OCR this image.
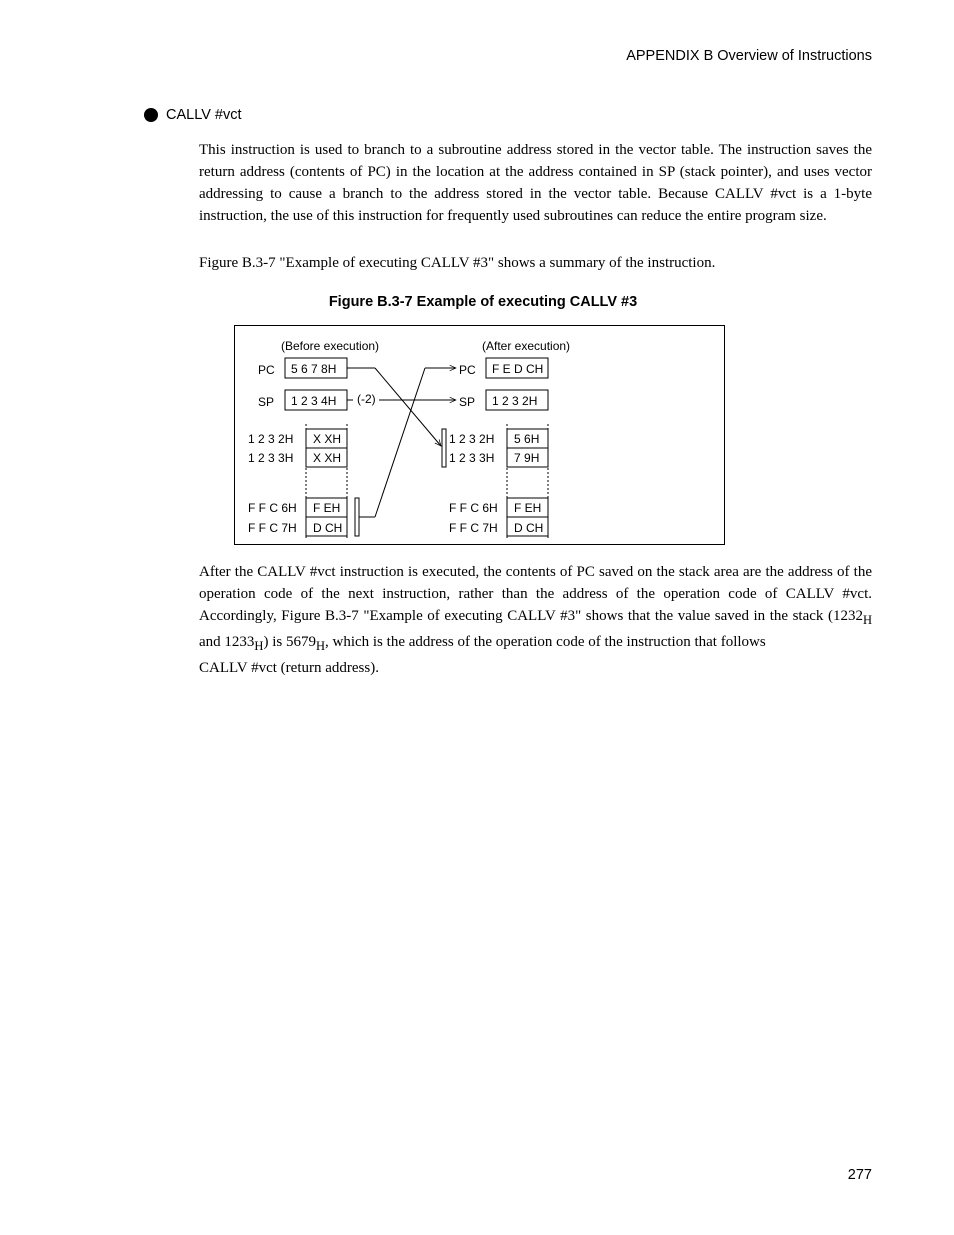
APPENDIX B Overview of Instructions
CALLV #vct

This instruction is used to branch to a subroutine address stored in the vector table. The instruction saves the return address (contents of PC) in the location at the address contained in SP (stack pointer), and uses vector addressing to cause a branch to the address stored in the vector table. Because CALLV #vct is a 1-byte instruction, the use of this instruction for frequently used subroutines can reduce the entire program size.

Figure B.3-7 "Example of executing CALLV #3" shows a summary of the instruction.

Figure B.3-7 Example of executing CALLV #3
(Before execution)	(After execution)
PC 5 6 7 8H
SP 1 2 3 4H
1 2 3 2H
1 2 3 3H
X XH
X XH
F F C 6H
F F C 7H
F EH
D CH
PC F E D CH
SP 1 2 3 2H
1 2 3 2H
1 2 3 3H
5 6H
7 9H
F F C 6H
F F C 7H
F EH
D CH
(-2)
After the CALLV #vct instruction is executed, the contents of PC saved on the stack area are the address of the operation code of the next instruction, rather than the address of the operation code of CALLV #vct. Accordingly, Figure B.3-7 "Example of executing CALLV #3" shows that the value saved in the stack ($1232_H$ and $1233_H$) is $5679_H$, which is the address of the operation code of the instruction that follows
CALLV #vct (return address).
277
